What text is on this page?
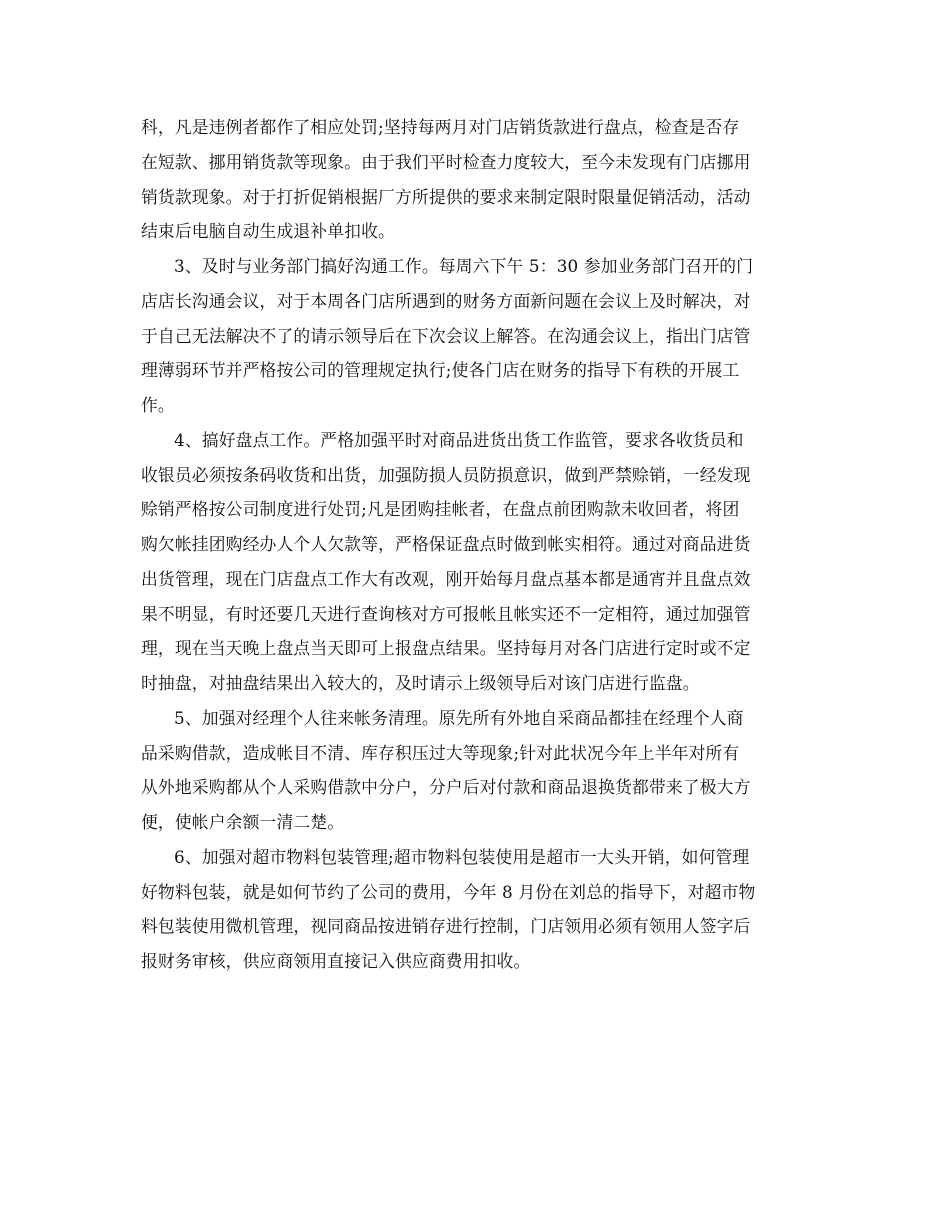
科，凡是违例者都作了相应处罚;坚持每两月对门店销货款进行盘点，检查是否存
在短款、挪用销货款等现象。由于我们平时检查力度较大，至今未发现有门店挪用
销货款现象。对于打折促销根据厂方所提供的要求来制定限时限量促销活动，活动
结束后电脑自动生成退补单扣收。
3、及时与业务部门搞好沟通工作。每周六下午 5：30 参加业务部门召开的门
店店长沟通会议，对于本周各门店所遇到的财务方面新问题在会议上及时解决，对
于自己无法解决不了的请示领导后在下次会议上解答。在沟通会议上，指出门店管
理薄弱环节并严格按公司的管理规定执行;使各门店在财务的指导下有秩的开展工
作。
4、搞好盘点工作。严格加强平时对商品进货出货工作监管，要求各收货员和
收银员必须按条码收货和出货，加强防损人员防损意识，做到严禁赊销，一经发现
赊销严格按公司制度进行处罚;凡是团购挂帐者，在盘点前团购款未收回者，将团
购欠帐挂团购经办人个人欠款等，严格保证盘点时做到帐实相符。通过对商品进货
出货管理，现在门店盘点工作大有改观，刚开始每月盘点基本都是通宵并且盘点效
果不明显，有时还要几天进行查询核对方可报帐且帐实还不一定相符，通过加强管
理，现在当天晚上盘点当天即可上报盘点结果。坚持每月对各门店进行定时或不定
时抽盘，对抽盘结果出入较大的，及时请示上级领导后对该门店进行监盘。
5、加强对经理个人往来帐务清理。原先所有外地自采商品都挂在经理个人商
品采购借款，造成帐目不清、库存积压过大等现象;针对此状况今年上半年对所有
从外地采购都从个人采购借款中分户，分户后对付款和商品退换货都带来了极大方
便，使帐户余额一清二楚。
6、加强对超市物料包装管理;超市物料包装使用是超市一大头开销，如何管理
好物料包装，就是如何节约了公司的费用，今年 8 月份在刘总的指导下，对超市物
料包装使用微机管理，视同商品按进销存进行控制，门店领用必须有领用人签字后
报财务审核，供应商领用直接记入供应商费用扣收。
